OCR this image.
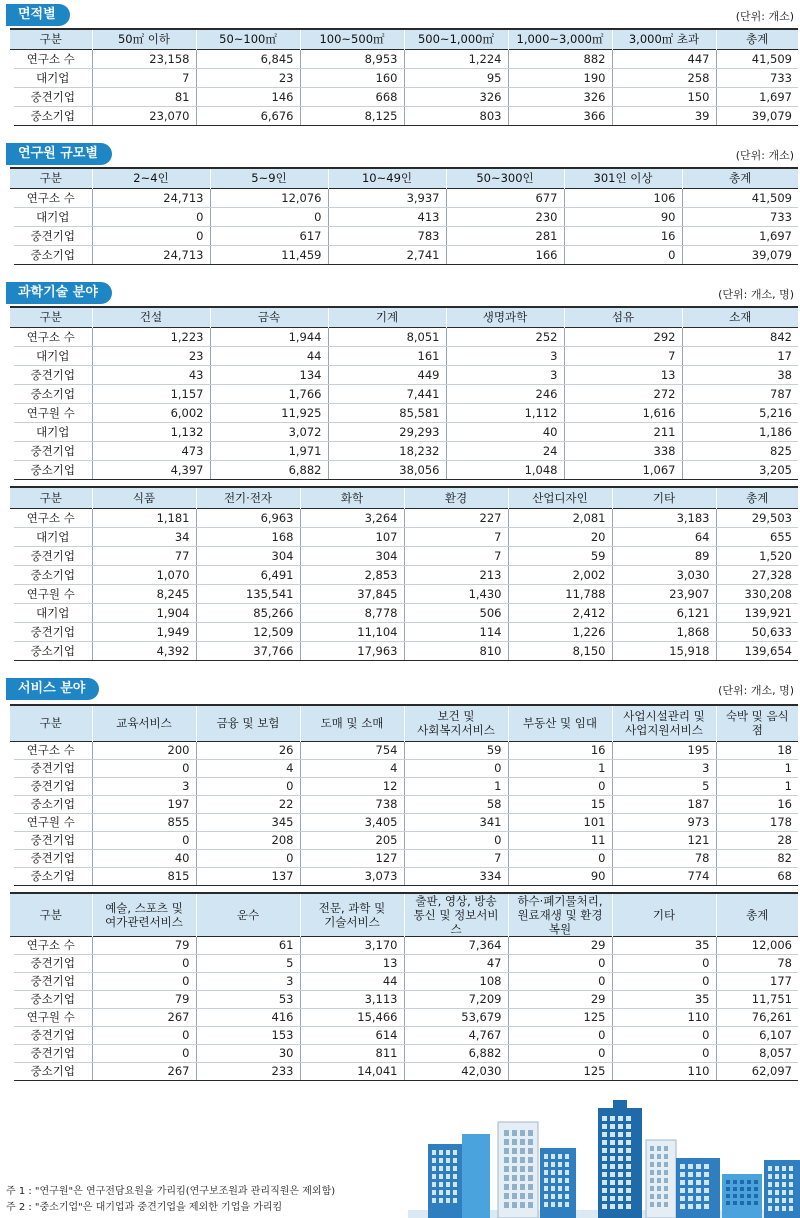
면적별	(단위: 개소)
구분	50㎡ 이하	50~100㎡	100~500㎡	500~1,000㎡	1,000~3,000㎡	3,000㎡ 초과	총계
연구소 수	23,158	6,845	8,953	1,224	882	447	41,509
대기업	7	23	160	95	190	258	733
중견기업	81	146	668	326	326	150	1,697
중소기업	23,070	6,676	8,125	803	366	39	39,079
연구원 규모별	(단위: 개소)
구분	2~4인	5~9인	10~49인	50~300인	301인 이상	총계
연구소 수	24,713	12,076	3,937	677	106	41,509
대기업	0	0	413	230	90	733
중견기업	0	617	783	281	16	1,697
중소기업	24,713	11,459	2,741	166	0	39,079
과학기술 분야	(단위: 개소, 명)
구분	건설	금속	기계	생명과학	섬유	소재
연구소 수	1,223	1,944	8,051	252	292	842
대기업	23	44	161	3	7	17
중견기업	43	134	449	3	13	38
중소기업	1,157	1,766	7,441	246	272	787
연구원 수	6,002	11,925	85,581	1,112	1,616	5,216
대기업	1,132	3,072	29,293	40	211	1,186
중견기업	473	1,971	18,232	24	338	825
중소기업	4,397	6,882	38,056	1,048	1,067	3,205
구분	식품	전기·전자	화학	환경	산업디자인	기타	총계
연구소 수	1,181	6,963	3,264	227	2,081	3,183	29,503
대기업	34	168	107	7	20	64	655
중견기업	77	304	304	7	59	89	1,520
중소기업	1,070	6,491	2,853	213	2,002	3,030	27,328
연구원 수	8,245	135,541	37,845	1,430	11,788	23,907	330,208
대기업	1,904	85,266	8,778	506	2,412	6,121	139,921
중견기업	1,949	12,509	11,104	114	1,226	1,868	50,633
중소기업	4,392	37,766	17,963	810	8,150	15,918	139,654
서비스 분야	(단위: 개소, 명)
구분	교육서비스	금융 및 보험	도매 및 소매	보건 및
사회복지서비스	부동산 및 임대	사업시설관리 및
사업지원서비스	숙박 및 음식점
연구소 수	200	26	754	59	16	195	18
중견기업	0	4	4	0	1	3	1
중견기업	3	0	12	1	0	5	1
중소기업	197	22	738	58	15	187	16
연구원 수	855	345	3,405	341	101	973	178
중견기업	0	208	205	0	11	121	28
중견기업	40	0	127	7	0	78	82
중소기업	815	137	3,073	334	90	774	68
구분	예술, 스포츠 및
여가관련서비스	운수	전문, 과학 및
기술서비스	출판, 영상, 방송
통신 및 정보서비스	하수·폐기물처리,
원료재생 및 환경복원	기타	총계
연구소 수	79	61	3,170	7,364	29	35	12,006
중견기업	0	5	13	47	0	0	78
중견기업	0	3	44	108	0	0	177
중소기업	79	53	3,113	7,209	29	35	11,751
연구원 수	267	416	15,466	53,679	125	110	76,261
중견기업	0	153	614	4,767	0	0	6,107
중견기업	0	30	811	6,882	0	0	8,057
중소기업	267	233	14,041	42,030	125	110	62,097
주 1 : "연구원"은 연구전담요원을 가리킴(연구보조원과 관리직원은 제외함)
주 2 : "중소기업"은 대기업과 중견기업을 제외한 기업을 가리킴
